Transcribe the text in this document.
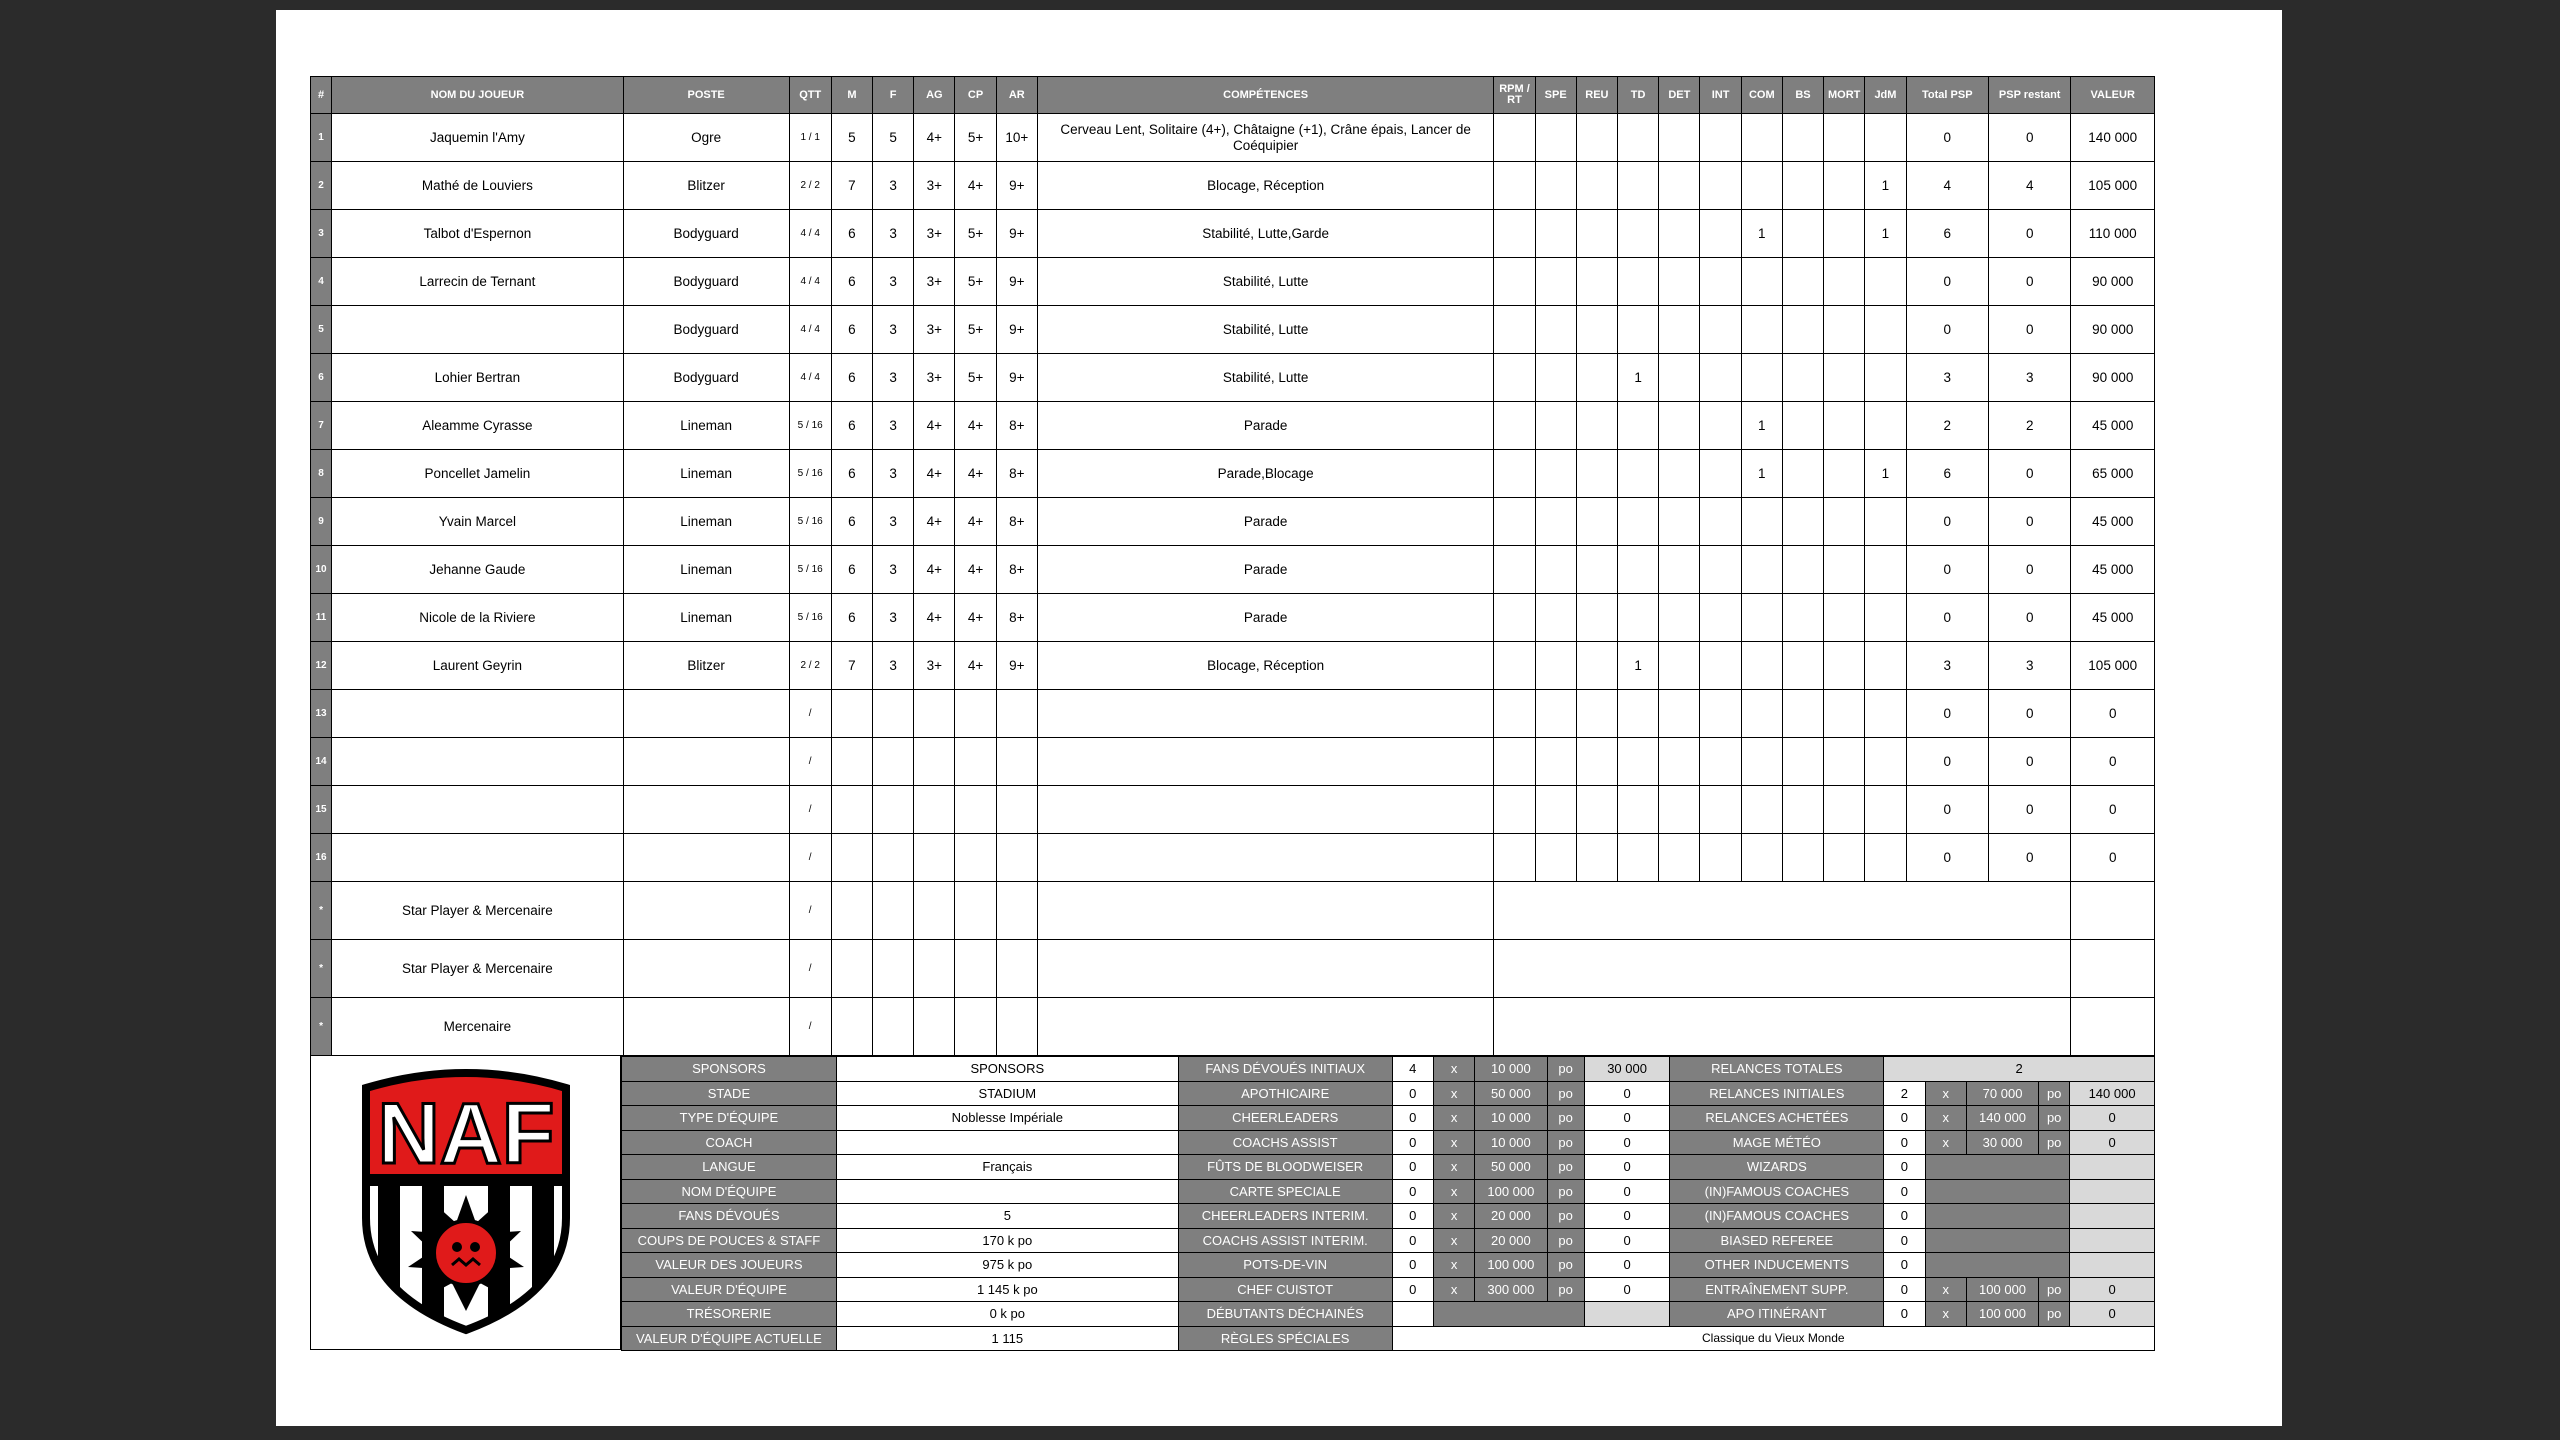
#	NOM DU JOUEUR	POSTE	QTT	M	F	AG	CP	AR	COMPÉTENCES	RPM / RT	SPE	REU	TD	DET	INT	COM	BS	MORT	JdM	Total PSP	PSP restant	VALEUR
1	Jaquemin l'Amy	Ogre	1 / 1	5	5	4+	5+	10+	Cerveau Lent, Solitaire (4+), Châtaigne (+1), Crâne épais, Lancer de Coéquipier											0	0	140 000
2	Mathé de Louviers	Blitzer	2 / 2	7	3	3+	4+	9+	Blocage, Réception										1	4	4	105 000
3	Talbot d'Espernon	Bodyguard	4 / 4	6	3	3+	5+	9+	Stabilité, Lutte,Garde							1			1	6	0	110 000
4	Larrecin de Ternant	Bodyguard	4 / 4	6	3	3+	5+	9+	Stabilité, Lutte											0	0	90 000
5		Bodyguard	4 / 4	6	3	3+	5+	9+	Stabilité, Lutte											0	0	90 000
6	Lohier Bertran	Bodyguard	4 / 4	6	3	3+	5+	9+	Stabilité, Lutte				1							3	3	90 000
7	Aleamme Cyrasse	Lineman	5 / 16	6	3	4+	4+	8+	Parade							1				2	2	45 000
8	Poncellet Jamelin	Lineman	5 / 16	6	3	4+	4+	8+	Parade,Blocage							1			1	6	0	65 000
9	Yvain Marcel	Lineman	5 / 16	6	3	4+	4+	8+	Parade											0	0	45 000
10	Jehanne Gaude	Lineman	5 / 16	6	3	4+	4+	8+	Parade											0	0	45 000
11	Nicole de la Riviere	Lineman	5 / 16	6	3	4+	4+	8+	Parade											0	0	45 000
12	Laurent Geyrin	Blitzer	2 / 2	7	3	3+	4+	9+	Blocage, Réception				1							3	3	105 000
13			/																	0	0	0
14			/																	0	0	0
15			/																	0	0	0
16			/																	0	0	0
*	Star Player & Mercenaire		/																			
*	Star Player & Mercenaire		/																			
*	Mercenaire		/																			
NAF
SPONSORS	SPONSORS	FANS DÉVOUÉS INITIAUX	4	x	10 000	po	30 000	RELANCES TOTALES	2				
STADE	STADIUM	APOTHICAIRE	0	x	50 000	po	0	RELANCES INITIALES	2	x	70 000	po	140 000
TYPE D'ÉQUIPE	Noblesse Impériale	CHEERLEADERS	0	x	10 000	po	0	RELANCES ACHETÉES	0	x	140 000	po	0
COACH		COACHS ASSIST	0	x	10 000	po	0	MAGE MÉTÉO	0	x	30 000	po	0
LANGUE	Français	FÛTS DE BLOODWEISER	0	x	50 000	po	0	WIZARDS	0				
NOM D'ÉQUIPE		CARTE SPECIALE	0	x	100 000	po	0	(IN)FAMOUS COACHES	0				
FANS DÉVOUÉS	5	CHEERLEADERS INTERIM.	0	x	20 000	po	0	(IN)FAMOUS COACHES	0				
COUPS DE POUCES & STAFF	170 k po	COACHS ASSIST INTERIM.	0	x	20 000	po	0	BIASED REFEREE	0				
VALEUR DES JOUEURS	975 k po	POTS-DE-VIN	0	x	100 000	po	0	OTHER INDUCEMENTS	0				
VALEUR D'ÉQUIPE	1 145 k po	CHEF CUISTOT	0	x	300 000	po	0	ENTRAÎNEMENT SUPP.	0	x	100 000	po	0
TRÉSORERIE	0 k po	DÉBUTANTS DÉCHAINÉS						APO ITINÉRANT	0	x	100 000	po	0
VALEUR D'ÉQUIPE ACTUELLE	1 115	RÈGLES SPÉCIALES	Classique du Vieux Monde										
